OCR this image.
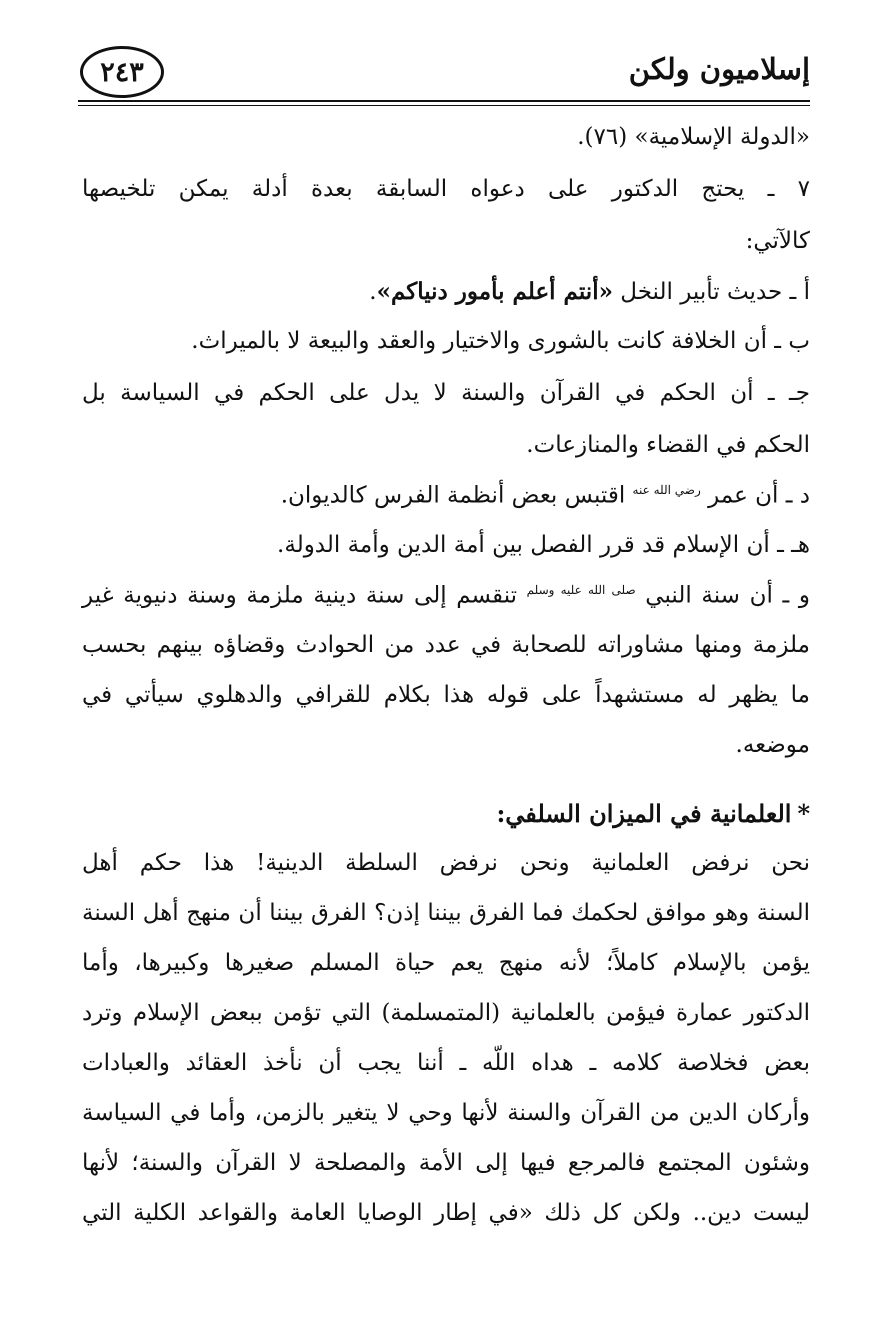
إسلاميون ولكن
٢٤٣
«الدولة الإسلامية» (٧٦).
٧ ـ يحتج الدكتور على دعواه السابقة بعدة أدلة يمكن تلخيصها
كالآتي:
أ ـ حديث تأبير النخل «أنتم أعلم بأمور دنياكم».
ب ـ أن الخلافة كانت بالشورى والاختيار والعقد والبيعة لا بالميراث.
جـ ـ أن الحكم في القرآن والسنة لا يدل على الحكم في السياسة بل
الحكم في القضاء والمنازعات.
د ـ أن عمر $^{رضي الله عنه}$ اقتبس بعض أنظمة الفرس كالديوان.
هـ ـ أن الإسلام قد قرر الفصل بين أمة الدين وأمة الدولة.
و ـ أن سنة النبي $^{صلى الله عليه وسلم}$ تنقسم إلى سنة دينية ملزمة وسنة دنيوية غير
ملزمة ومنها مشاوراته للصحابة في عدد من الحوادث وقضاؤه بينهم بحسب
ما يظهر له مستشهداً على قوله هذا بكلام للقرافي والدهلوي سيأتي في
موضعه.
*العلمانية في الميزان السلفي:
نحن نرفض العلمانية ونحن نرفض السلطة الدينية! هذا حكم أهل
السنة وهو موافق لحكمك فما الفرق بيننا إذن؟ الفرق بيننا أن منهج أهل السنة
يؤمن بالإسلام كاملاً؛ لأنه منهج يعم حياة المسلم صغيرها وكبيرها، وأما
الدكتور عمارة فيؤمن بالعلمانية (المتمسلمة) التي تؤمن ببعض الإسلام وترد
بعض فخلاصة كلامه ـ هداه اللّه ـ أننا يجب أن نأخذ العقائد والعبادات
وأركان الدين من القرآن والسنة لأنها وحي لا يتغير بالزمن، وأما في السياسة
وشئون المجتمع فالمرجع فيها إلى الأمة والمصلحة لا القرآن والسنة؛ لأنها
ليست دين.. ولكن كل ذلك «في إطار الوصايا العامة والقواعد الكلية التي
